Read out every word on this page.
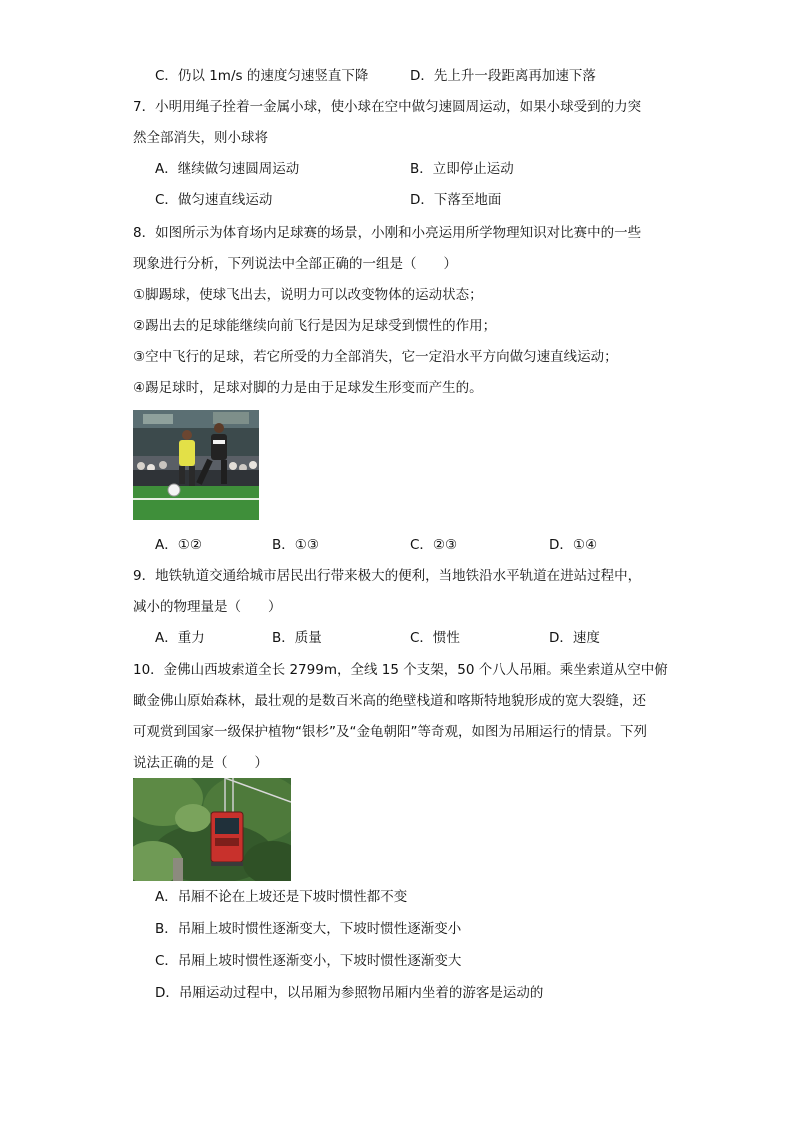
C．仍以 1m/s 的速度匀速竖直下降	D．先上升一段距离再加速下落
7．小明用绳子拴着一金属小球，使小球在空中做匀速圆周运动，如果小球受到的力突
然全部消失，则小球将
A．继续做匀速圆周运动	B．立即停止运动
C．做匀速直线运动	D．下落至地面
8．如图所示为体育场内足球赛的场景，小刚和小亮运用所学物理知识对比赛中的一些
现象进行分析，下列说法中全部正确的一组是（　　）
①脚踢球，使球飞出去，说明力可以改变物体的运动状态；
②踢出去的足球能继续向前飞行是因为足球受到惯性的作用；
③空中飞行的足球，若它所受的力全部消失，它一定沿水平方向做匀速直线运动；
④踢足球时，足球对脚的力是由于足球发生形变而产生的。
A．①②	B．①③	C．②③	D．①④
9．地铁轨道交通给城市居民出行带来极大的便利，当地铁沿水平轨道在进站过程中，
减小的物理量是（　　）
A．重力	B．质量	C．惯性	D．速度
10．金佛山西坡索道全长 2799m，全线 15 个支架，50 个八人吊厢。乘坐索道从空中俯
瞰金佛山原始森林，最壮观的是数百米高的绝壁栈道和喀斯特地貌形成的宽大裂缝，还
可观赏到国家一级保护植物“银杉”及“金龟朝阳”等奇观，如图为吊厢运行的情景。下列
说法正确的是（　　）
A．吊厢不论在上坡还是下坡时惯性都不变
B．吊厢上坡时惯性逐渐变大，下坡时惯性逐渐变小
C．吊厢上坡时惯性逐渐变小，下坡时惯性逐渐变大
D．吊厢运动过程中，以吊厢为参照物吊厢内坐着的游客是运动的
